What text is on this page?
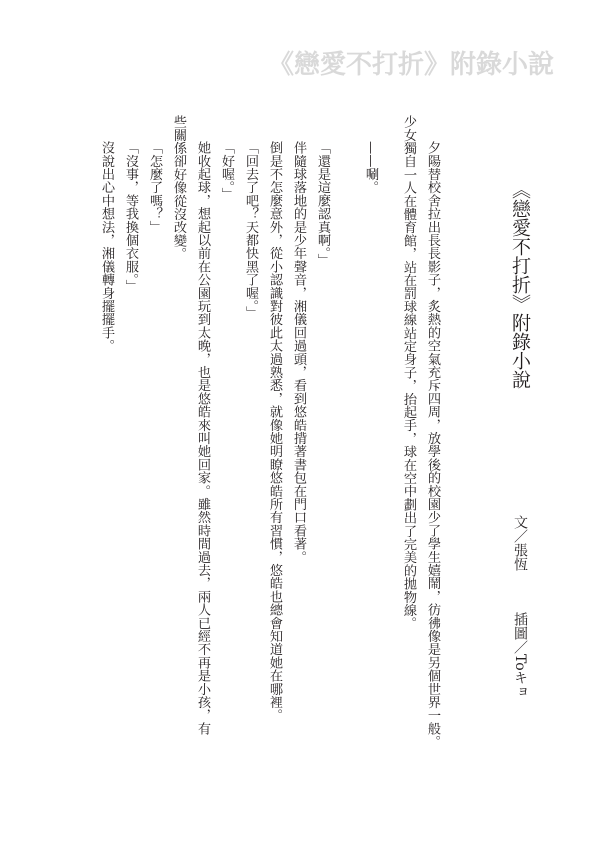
《戀愛不打折》附錄小說
《戀愛不打折》附錄小說
文／張恆
插圖／Toキョ
夕陽替校舍拉出長長影子，炙熱的空氣充斥四周，放學後的校園少了學生嬉鬧，彷彿像是另個世界一般。
少女獨自一人在體育館，站在罰球線站定身子，抬起手，球在空中劃出了完美的拋物線。
——唰。
「還是這麼認真啊。」
伴隨球落地的是少年聲音，湘儀回過頭，看到悠皓揹著書包在門口看著。
倒是不怎麼意外，從小認識對彼此太過熟悉，就像她明瞭悠皓所有習慣，悠皓也總會知道她在哪裡。
「回去了吧？天都快黑了喔。」
「好喔。」
她收起球，想起以前在公園玩到太晚，也是悠皓來叫她回家。雖然時間過去，兩人已經不再是小孩，有
些關係卻好像從沒改變。
「怎麼了嗎？」
「沒事，等我換個衣服。」
沒說出心中想法，湘儀轉身擺擺手。
